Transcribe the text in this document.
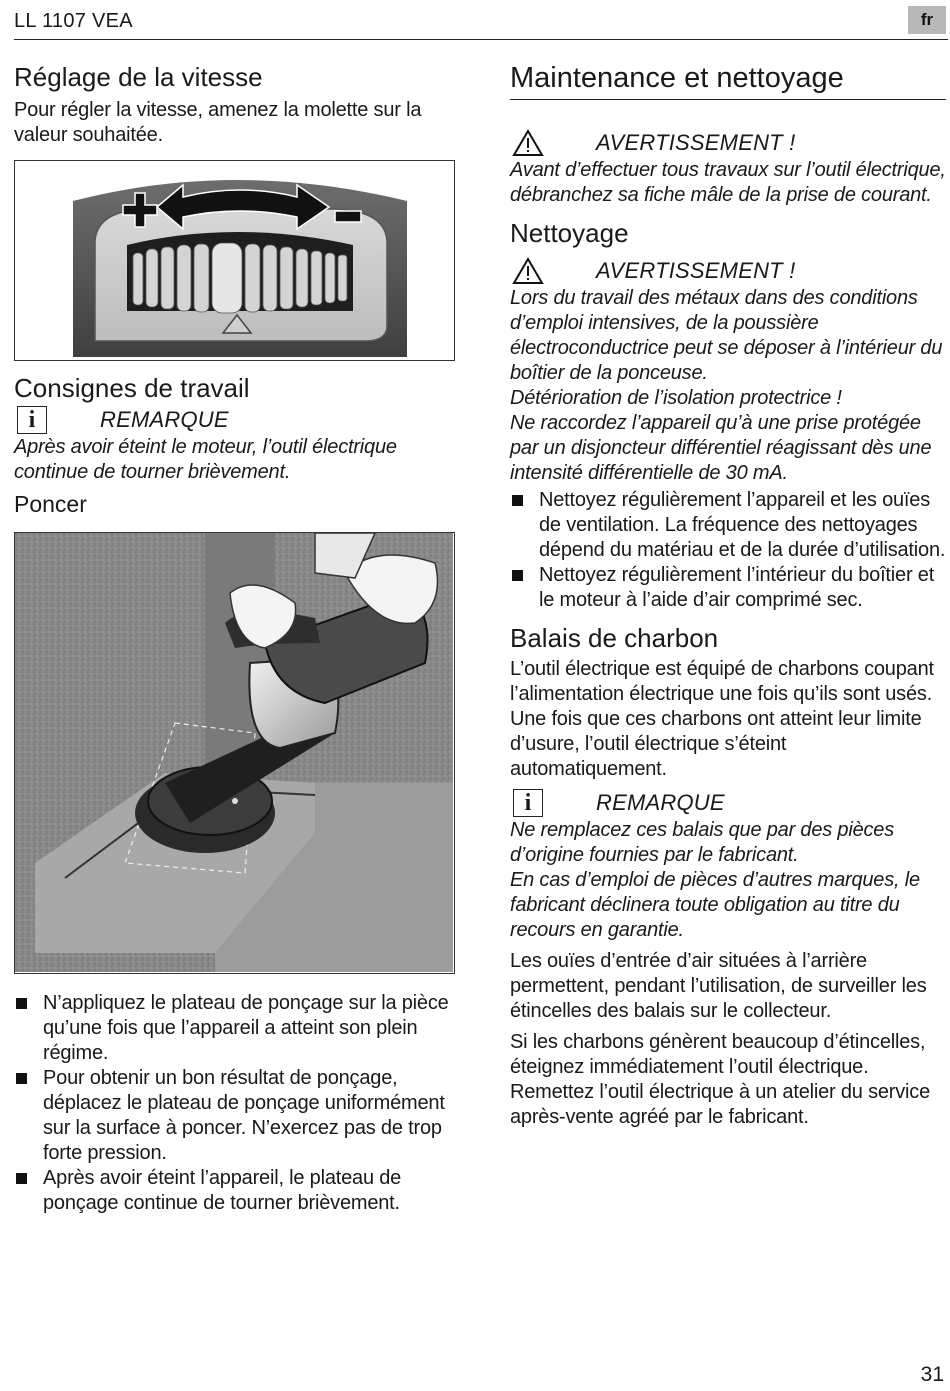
LL 1107 VEA	fr
Réglage de la vitesse

Pour régler la vitesse, amenez la molette sur la valeur souhaitée.

Consignes de travail
i	REMARQUE

Après avoir éteint le moteur, l’outil électrique continue de tourner brièvement.

Poncer
N’appliquez le plateau de ponçage sur la pièce qu’une fois que l’appareil a atteint son plein régime.
Pour obtenir un bon résultat de ponçage, déplacez le plateau de ponçage uniformément sur la surface à poncer. N’exercez pas de trop forte pression.
Après avoir éteint l’appareil, le plateau de ponçage continue de tourner brièvement.
Maintenance et nettoyage
AVERTISSEMENT !

Avant d’effectuer tous travaux sur l’outil électrique, débranchez sa fiche mâle de la prise de courant.

Nettoyage
AVERTISSEMENT !

Lors du travail des métaux dans des conditions d’emploi intensives, de la poussière électroconductrice peut se déposer à l’intérieur du boîtier de la ponceuse.

Détérioration de l’isolation protectrice !

Ne raccordez l’appareil qu’à une prise protégée par un disjoncteur différentiel réagissant dès une intensité différentielle de 30 mA.

Nettoyez régulièrement l’appareil et les ouïes de ventilation. La fréquence des nettoyages dépend du matériau et de la durée d’utilisation.
Nettoyez régulièrement l’intérieur du boîtier et le moteur à l’aide d’air comprimé sec.
Balais de charbon

L’outil électrique est équipé de charbons coupant l’alimentation électrique une fois qu’ils sont usés. Une fois que ces charbons ont atteint leur limite d’usure, l’outil électrique s’éteint automatiquement.

i	REMARQUE

Ne remplacez ces balais que par des pièces d’origine fournies par le fabricant.

En cas d’emploi de pièces d’autres marques, le fabricant déclinera toute obligation au titre du recours en garantie.

Les ouïes d’entrée d’air situées à l’arrière permettent, pendant l’utilisation, de surveiller les étincelles des balais sur le collecteur.

Si les charbons génèrent beaucoup d’étincelles, éteignez immédiatement l’outil électrique. Remettez l’outil électrique à un atelier du service après-vente agréé par le fabricant.

31
